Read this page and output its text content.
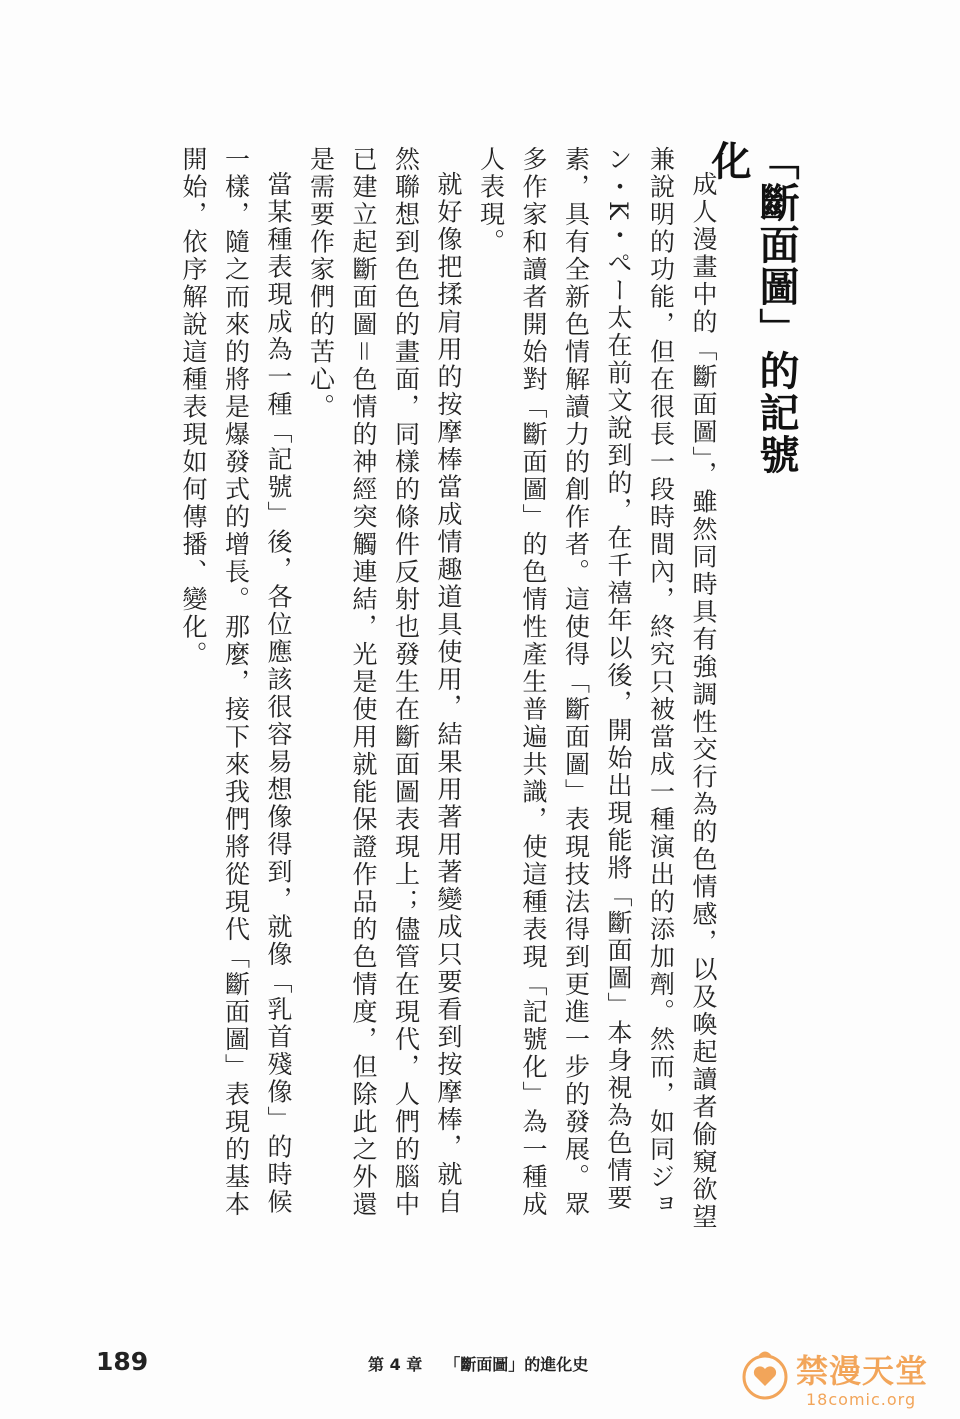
「斷面圖」的記號化

成人漫畫中的「斷面圖」，雖然同時具有強調性交行為的色情感，以及喚起讀者偷窺欲望兼說明的功能，但在很長一段時間內，終究只被當成一種演出的添加劑。然而，如同ジョン・K・ぺー太在前文說到的，在千禧年以後，開始出現能將「斷面圖」本身視為色情要素，具有全新色情解讀力的創作者。這使得「斷面圖」表現技法得到更進一步的發展。眾多作家和讀者開始對「斷面圖」的色情性產生普遍共識，使這種表現「記號化」為一種成人表現。

就好像把揉肩用的按摩棒當成情趣道具使用，結果用著用著變成只要看到按摩棒，就自然聯想到色色的畫面，同樣的條件反射也發生在斷面圖表現上；儘管在現代，人們的腦中已建立起斷面圖＝色情的神經突觸連結，光是使用就能保證作品的色情度，但除此之外還是需要作家們的苦心。

當某種表現成為一種「記號」後，各位應該很容易想像得到，就像「乳首殘像」的時候一樣，隨之而來的將是爆發式的增長。那麼，接下來我們將從現代「斷面圖」表現的基本開始，依序解說這種表現如何傳播、變化。

189	第 4 章 「斷面圖」的進化史	禁漫天堂
18comic.org
